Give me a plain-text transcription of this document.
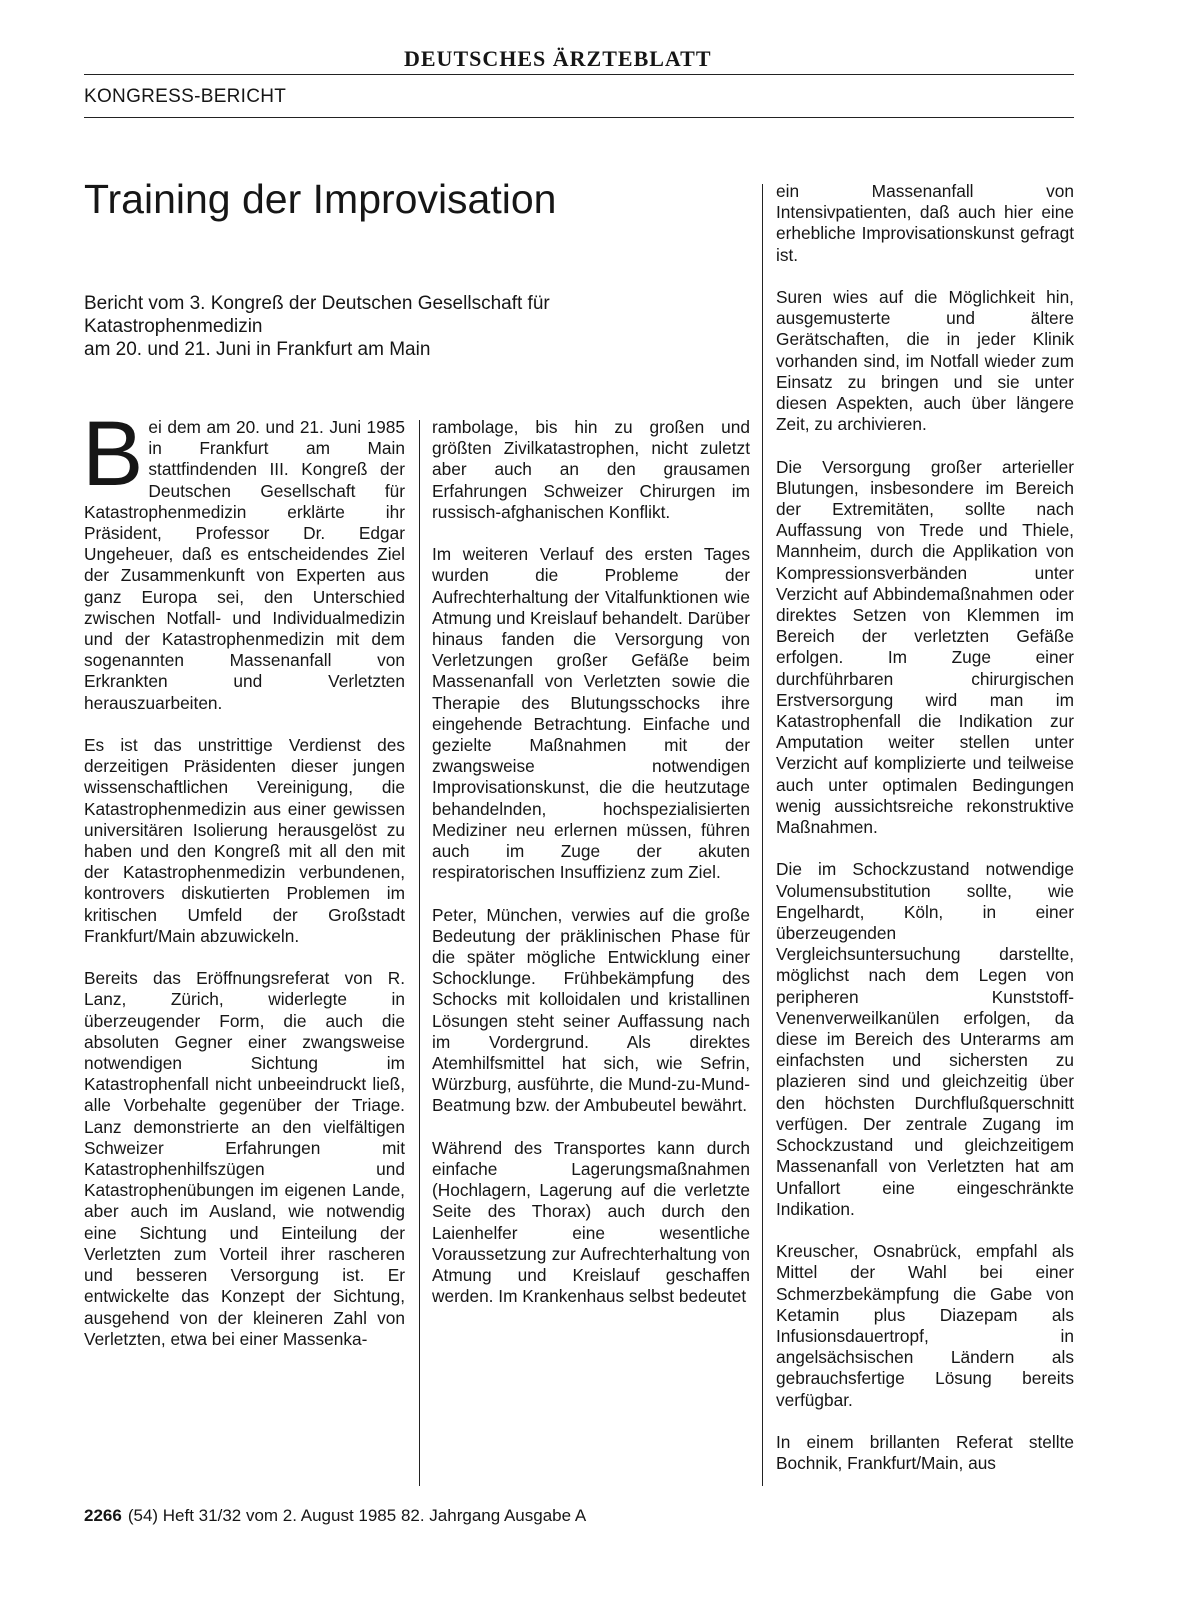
DEUTSCHES ÄRZTEBLATT
KONGRESS-BERICHT
Training der Improvisation
Bericht vom 3. Kongreß der Deutschen Gesellschaft für
Katastrophenmedizin
am 20. und 21. Juni in Frankfurt am Main

Bei dem am 20. und 21. Juni 1985 in Frankfurt am Main stattfindenden III. Kongreß der Deutschen Gesellschaft für Katastrophenmedizin erklärte ihr Präsident, Professor Dr. Edgar Ungeheuer, daß es entscheidendes Ziel der Zusammenkunft von Experten aus ganz Europa sei, den Unterschied zwischen Notfall- und Individualmedizin und der Katastrophenmedizin mit dem sogenannten Massenanfall von Erkrankten und Verletzten herauszuarbeiten.

Es ist das unstrittige Verdienst des derzeitigen Präsidenten dieser jungen wissenschaftlichen Vereinigung, die Katastrophenmedizin aus einer gewissen universitären Isolierung herausgelöst zu haben und den Kongreß mit all den mit der Katastrophenmedizin verbundenen, kontrovers diskutierten Problemen im kritischen Umfeld der Großstadt Frankfurt/Main abzuwickeln.

Bereits das Eröffnungsreferat von R. Lanz, Zürich, widerlegte in überzeugender Form, die auch die absoluten Gegner einer zwangsweise notwendigen Sichtung im Katastrophenfall nicht unbeeindruckt ließ, alle Vorbehalte gegenüber der Triage. Lanz demonstrierte an den vielfältigen Schweizer Erfahrungen mit Katastrophenhilfszügen und Katastrophenübungen im eigenen Lande, aber auch im Ausland, wie notwendig eine Sichtung und Einteilung der Verletzten zum Vorteil ihrer rascheren und besseren Versorgung ist. Er entwickelte das Konzept der Sichtung, ausgehend von der kleineren Zahl von Verletzten, etwa bei einer Massenka-

rambolage, bis hin zu großen und größten Zivilkatastrophen, nicht zuletzt aber auch an den grausamen Erfahrungen Schweizer Chirurgen im russisch-afghanischen Konflikt.

Im weiteren Verlauf des ersten Tages wurden die Probleme der Aufrechterhaltung der Vitalfunktionen wie Atmung und Kreislauf behandelt. Darüber hinaus fanden die Versorgung von Verletzungen großer Gefäße beim Massenanfall von Verletzten sowie die Therapie des Blutungsschocks ihre eingehende Betrachtung. Einfache und gezielte Maßnahmen mit der zwangsweise notwendigen Improvisationskunst, die die heutzutage behandelnden, hochspezialisierten Mediziner neu erlernen müssen, führen auch im Zuge der akuten respiratorischen Insuffizienz zum Ziel.

Peter, München, verwies auf die große Bedeutung der präklinischen Phase für die später mögliche Entwicklung einer Schocklunge. Frühbekämpfung des Schocks mit kolloidalen und kristallinen Lösungen steht seiner Auffassung nach im Vordergrund. Als direktes Atemhilfsmittel hat sich, wie Sefrin, Würzburg, ausführte, die Mund-zu-Mund-Beatmung bzw. der Ambubeutel bewährt.

Während des Transportes kann durch einfache Lagerungsmaßnahmen (Hochlagern, Lagerung auf die verletzte Seite des Thorax) auch durch den Laienhelfer eine wesentliche Voraussetzung zur Aufrechterhaltung von Atmung und Kreislauf geschaffen werden. Im Krankenhaus selbst bedeutet

ein Massenanfall von Intensivpatienten, daß auch hier eine erhebliche Improvisationskunst gefragt ist.

Suren wies auf die Möglichkeit hin, ausgemusterte und ältere Gerätschaften, die in jeder Klinik vorhanden sind, im Notfall wieder zum Einsatz zu bringen und sie unter diesen Aspekten, auch über längere Zeit, zu archivieren.

Die Versorgung großer arterieller Blutungen, insbesondere im Bereich der Extremitäten, sollte nach Auffassung von Trede und Thiele, Mannheim, durch die Applikation von Kompressionsverbänden unter Verzicht auf Abbindemaßnahmen oder direktes Setzen von Klemmen im Bereich der verletzten Gefäße erfolgen. Im Zuge einer durchführbaren chirurgischen Erstversorgung wird man im Katastrophenfall die Indikation zur Amputation weiter stellen unter Verzicht auf komplizierte und teilweise auch unter optimalen Bedingungen wenig aussichtsreiche rekonstruktive Maßnahmen.

Die im Schockzustand notwendige Volumensubstitution sollte, wie Engelhardt, Köln, in einer überzeugenden Vergleichsuntersuchung darstellte, möglichst nach dem Legen von peripheren Kunststoff-Venenverweilkanülen erfolgen, da diese im Bereich des Unterarms am einfachsten und sichersten zu plazieren sind und gleichzeitig über den höchsten Durchflußquerschnitt verfügen. Der zentrale Zugang im Schockzustand und gleichzeitigem Massenanfall von Verletzten hat am Unfallort eine eingeschränkte Indikation.

Kreuscher, Osnabrück, empfahl als Mittel der Wahl bei einer Schmerzbekämpfung die Gabe von Ketamin plus Diazepam als Infusionsdauertropf, in angelsächsischen Ländern als gebrauchsfertige Lösung bereits verfügbar.

In einem brillanten Referat stellte Bochnik, Frankfurt/Main, aus

2266 (54) Heft 31/32 vom 2. August 1985 82. Jahrgang Ausgabe A
